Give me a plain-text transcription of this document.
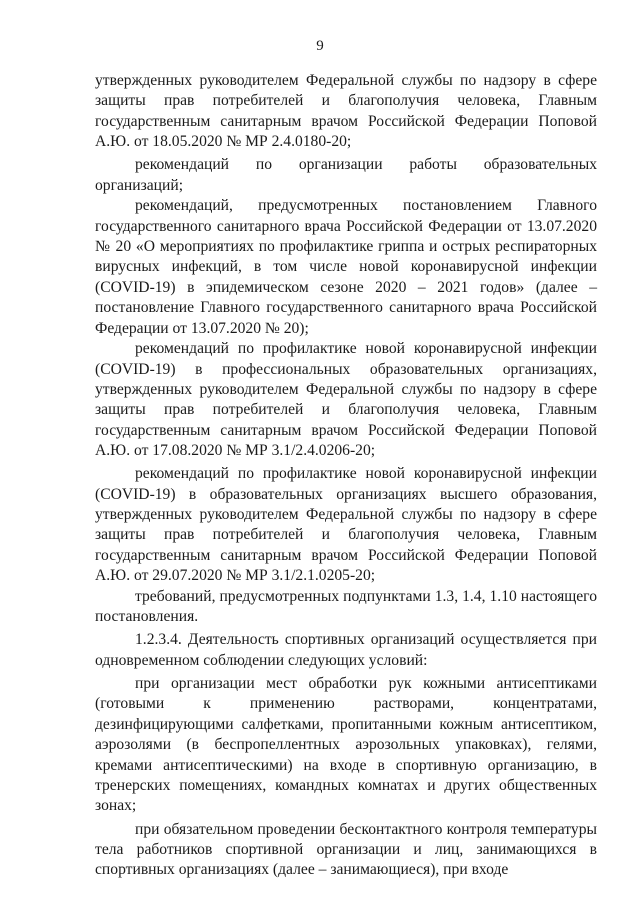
9

утвержденных руководителем Федеральной службы по надзору в сфере защиты прав потребителей и благополучия человека, Главным государственным санитарным врачом Российской Федерации Поповой А.Ю. от 18.05.2020 № МР 2.4.0180-20;

рекомендаций по организации работы образовательных организаций;

рекомендаций, предусмотренных постановлением Главного государственного санитарного врача Российской Федерации от 13.07.2020 № 20 «О мероприятиях по профилактике гриппа и острых респираторных вирусных инфекций, в том числе новой коронавирусной инфекции (COVID-19) в эпидемическом сезоне 2020 – 2021 годов» (далее – постановление Главного государственного санитарного врача Российской Федерации от 13.07.2020 № 20);

рекомендаций по профилактике новой коронавирусной инфекции (COVID-19) в профессиональных образовательных организациях, утвержденных руководителем Федеральной службы по надзору в сфере защиты прав потребителей и благополучия человека, Главным государственным санитарным врачом Российской Федерации Поповой А.Ю. от 17.08.2020 № МР 3.1/2.4.0206-20;

рекомендаций по профилактике новой коронавирусной инфекции (COVID-19) в образовательных организациях высшего образования, утвержденных руководителем Федеральной службы по надзору в сфере защиты прав потребителей и благополучия человека, Главным государственным санитарным врачом Российской Федерации Поповой А.Ю. от 29.07.2020 № МР 3.1/2.1.0205-20;

требований, предусмотренных подпунктами 1.3, 1.4, 1.10 настоящего постановления.

1.2.3.4. Деятельность спортивных организаций осуществляется при одновременном соблюдении следующих условий:

при организации мест обработки рук кожными антисептиками (готовыми к применению растворами, концентратами, дезинфицирующими салфетками, пропитанными кожным антисептиком, аэрозолями (в беспропеллентных аэрозольных упаковках), гелями, кремами антисептическими) на входе в спортивную организацию, в тренерских помещениях, командных комнатах и других общественных зонах;

при обязательном проведении бесконтактного контроля температуры тела работников спортивной организации и лиц, занимающихся в спортивных организациях (далее – занимающиеся), при входе
